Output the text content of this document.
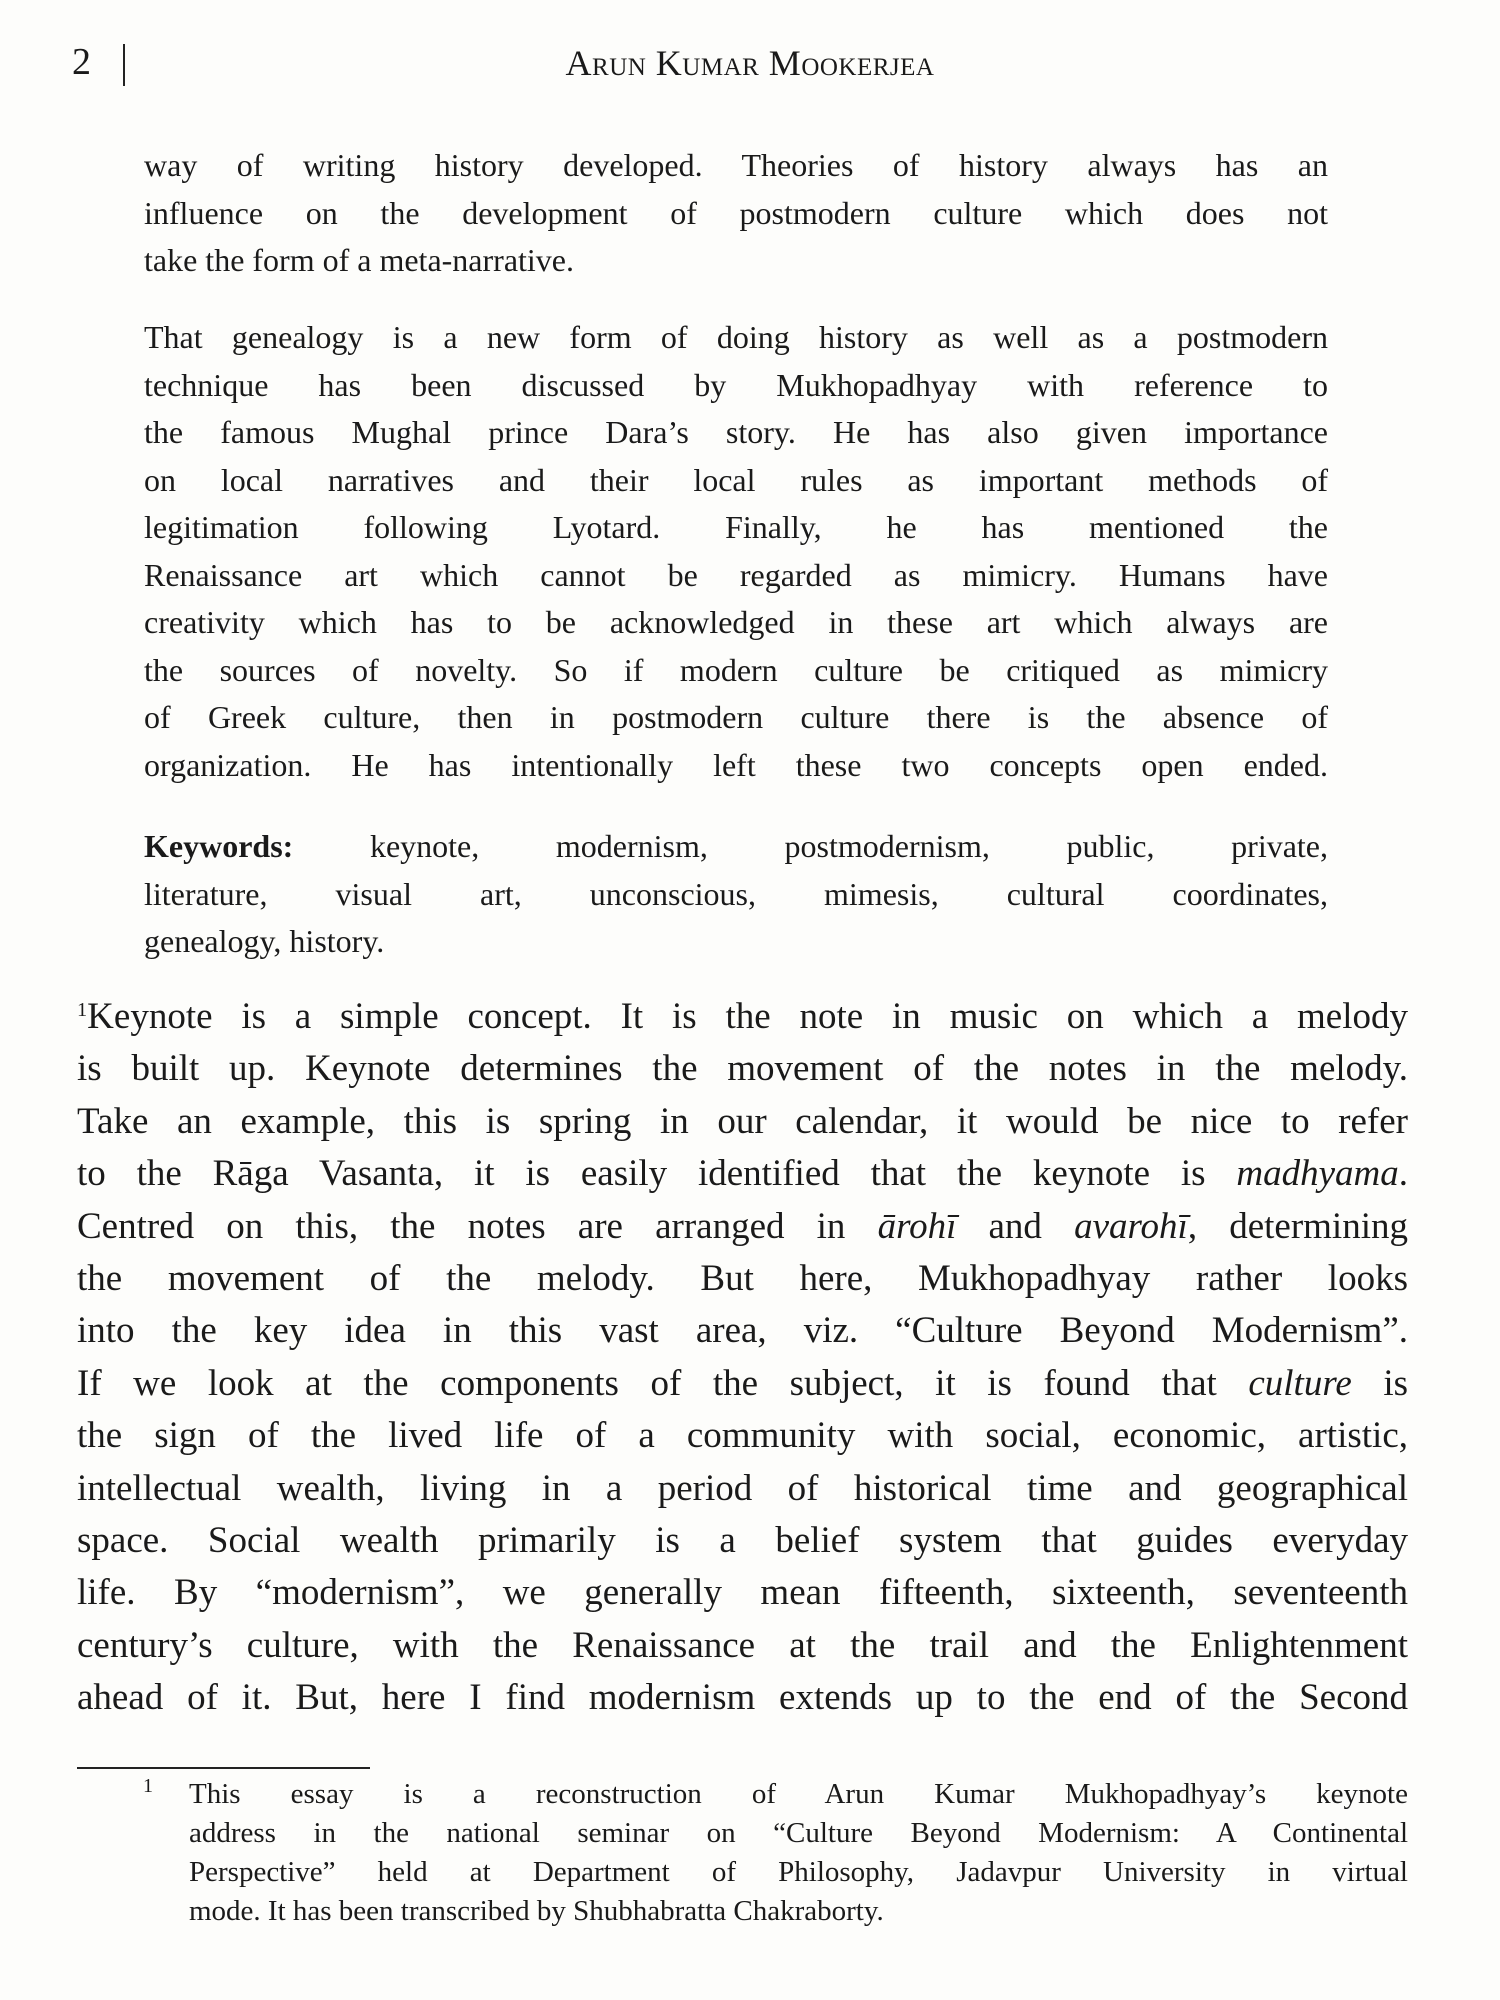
2	Arun Kumar Mookerjea
way of writing history developed. Theories of history always has an
influence on the development of postmodern culture which does not
take the form of a meta-narrative.
That genealogy is a new form of doing history as well as a postmodern
technique has been discussed by Mukhopadhyay with reference to
the famous Mughal prince Dara’s story. He has also given importance
on local narratives and their local rules as important methods of
legitimation following Lyotard. Finally, he has mentioned the
Renaissance art which cannot be regarded as mimicry. Humans have
creativity which has to be acknowledged in these art which always are
the sources of novelty. So if modern culture be critiqued as mimicry
of Greek culture, then in postmodern culture there is the absence of
organization. He has intentionally left these two concepts open ended.
Keywords: keynote, modernism, postmodernism, public, private,
literature, visual art, unconscious, mimesis, cultural coordinates,
genealogy, history.
$^1$Keynote is a simple concept. It is the note in music on which a melody
is built up. Keynote determines the movement of the notes in the melody.
Take an example, this is spring in our calendar, it would be nice to refer
to the Rāga Vasanta, it is easily identified that the keynote is madhyama.
Centred on this, the notes are arranged in ārohī and avarohī, determining
the movement of the melody. But here, Mukhopadhyay rather looks
into the key idea in this vast area, viz. “Culture Beyond Modernism”.
If we look at the components of the subject, it is found that culture is
the sign of the lived life of a community with social, economic, artistic,
intellectual wealth, living in a period of historical time and geographical
space. Social wealth primarily is a belief system that guides everyday
life. By “modernism”, we generally mean fifteenth, sixteenth, seventeenth
century’s culture, with the Renaissance at the trail and the Enlightenment
ahead of it. But, here I find modernism extends up to the end of the Second
1 This essay is a reconstruction of Arun Kumar Mukhopadhyay’s keynote
address in the national seminar on “Culture Beyond Modernism: A Continental
Perspective” held at Department of Philosophy, Jadavpur University in virtual
mode. It has been transcribed by Shubhabratta Chakraborty.
